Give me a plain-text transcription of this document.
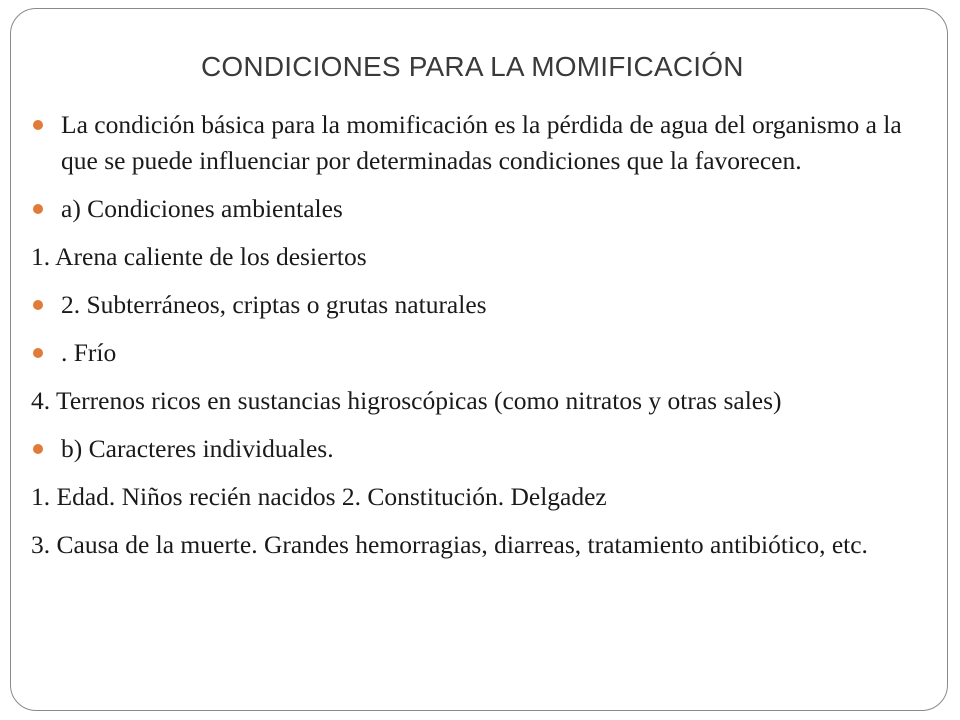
CONDICIONES PARA LA MOMIFICACIÓN

La condición básica para la momificación es la pérdida de agua del organismo a la que se puede influenciar por determinadas condiciones que la favorecen.

a) Condiciones ambientales

1. Arena caliente de los desiertos

2. Subterráneos, criptas o grutas naturales

. Frío

4. Terrenos ricos en sustancias higroscópicas (como nitratos y otras sales)

b) Caracteres individuales.

1. Edad. Niños recién nacidos 2. Constitución. Delgadez

3. Causa de la muerte. Grandes hemorragias, diarreas, tratamiento antibiótico, etc.
